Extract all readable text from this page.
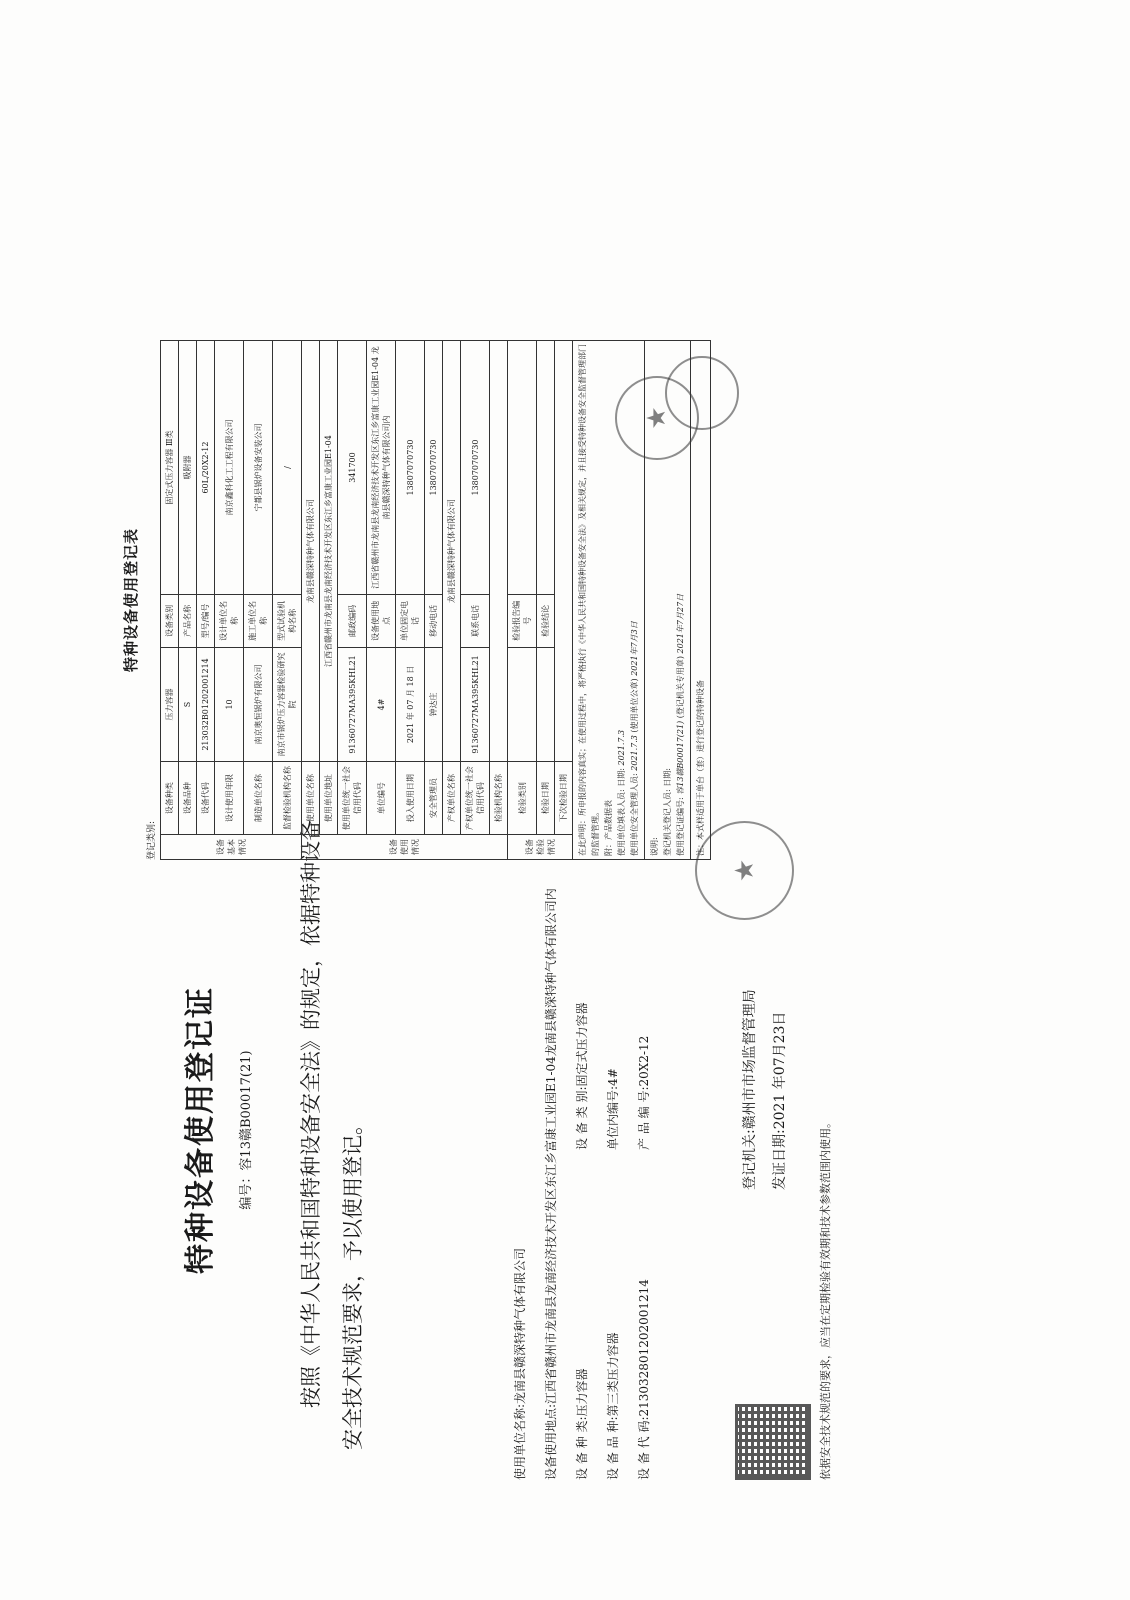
特种设备使用登记证	编号：容13赣B00017(21)	按照《中华人民共和国特种设备安全法》的规定，依据特种设备安全技术规范要求，予以使用登记。	使用单位名称:龙南县赣深特种气体有限公司
设备使用地点:江西省赣州市龙南县龙南经济技术开发区东江乡富康工业园E1-04龙南县赣深特种气体有限公司内
设 备 种 类:压力容器设 备 类 别:固定式压力容器
设 备 品 种:第三类压力容器单位内编号:4#
设 备 代 码:21303280120200121​4产 品 编 号:20X2-12
登记机关:赣州市市场监督管理局
发证日期:2021 年07月23日
★
依据安全技术规范的要求，应当在定期检验有效期和技术参数范围内使用。
特种设备使用登记表
登记类别:	设备基本情况	设备种类	压力容器	设备类别	固定式压力容器 Ⅲ类
	设备品种	S	产品名称	吸附器
	设备代码	213032B0120200121​4	型号/编号	60L/20X2-12
	设计使用年限	10	设计单位名称	南京鑫科化工工程有限公司
	制造单位名称	南京奥恒锅炉有限公司	施工单位名称	宁都县锅炉设备安装公司
	监督检验机构名称	南京市锅炉压力容器检验研究院	型式试验机构名称	/
设备使用情况	使用单位名称	龙南县赣深特种气体有限公司		
	使用单位地址	江西省赣州市龙南县龙南经济技术开发区东江乡富康工业园E1-04		
	使用单位统一社会信用代码	91360727MA395KHL21	邮政编码	341700
	单位编号	4#	设备使用地点	江西省赣州市龙南县龙南经济技术开发区东江乡富康工业园E1-04 龙南县赣深特种气体有限公司内
	投入使用日期	2021 年 07 月 18 日	单位固定电话	13807070730
	安全管理员	钟达庄	移动电话	13807070730
	产权单位名称	龙南县赣深特种气体有限公司		
	产权单位统一社会信用代码	91360727MA395KHL21	联系电话	13807070730
	检验机构名称			
设备检验情况	检验类别		检验报告编号	
	检验日期		检验结论	
	下次检验日期			

在此声明：所申报的内容真实；在使用过程中，将严格执行《中华人民共和国特种设备安全法》及相关规定，并且接受特种设备安全监督管理部门的监督管理。 附：产品数据表 使用单位填表人员: 日期: 2021.7.3
使用单位安全管理人员: 2021.7.3 (使用单位公章) 2021年7月3日				

说明: 登记机关登记人员: 日期:
使用登记证编号: 容13赣B00017(21) (登记机关专用章) 2021年7月27日				

注：本式样适用于单台（套）进行登记的特种设备				
★
